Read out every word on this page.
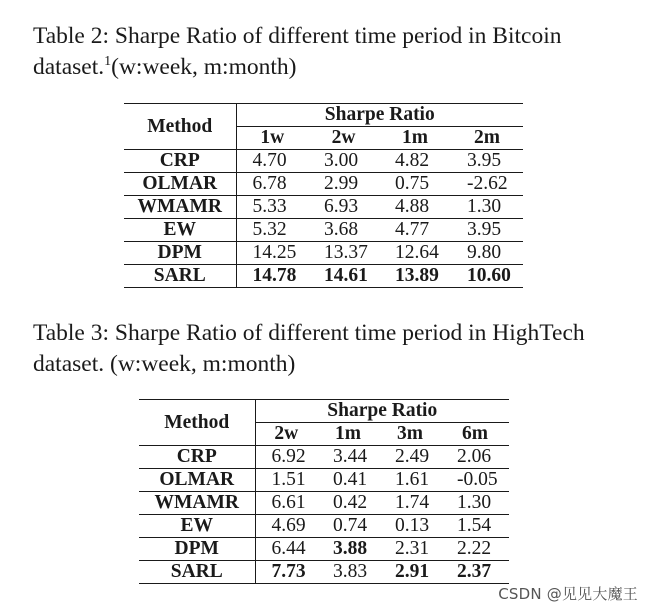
Table 2: Sharpe Ratio of different time period in Bitcoin dataset.$^1$(w:week, m:month)

Method	Sharpe Ratio			
	1w	2w	1m	2m
CRP	4.70	3.00	4.82	3.95
OLMAR	6.78	2.99	0.75	-2.62
WMAMR	5.33	6.93	4.88	1.30
EW	5.32	3.68	4.77	3.95
DPM	14.25	13.37	12.64	9.80
SARL	14.78	14.61	13.89	10.60

Table 3: Sharpe Ratio of different time period in HighTech dataset. (w:week, m:month)

Method	Sharpe Ratio			
	2w	1m	3m	6m
CRP	6.92	3.44	2.49	2.06
OLMAR	1.51	0.41	1.61	-0.05
WMAMR	6.61	0.42	1.74	1.30
EW	4.69	0.74	0.13	1.54
DPM	6.44	3.88	2.31	2.22
SARL	7.73	3.83	2.91	2.37
CSDN @见见大魔王
